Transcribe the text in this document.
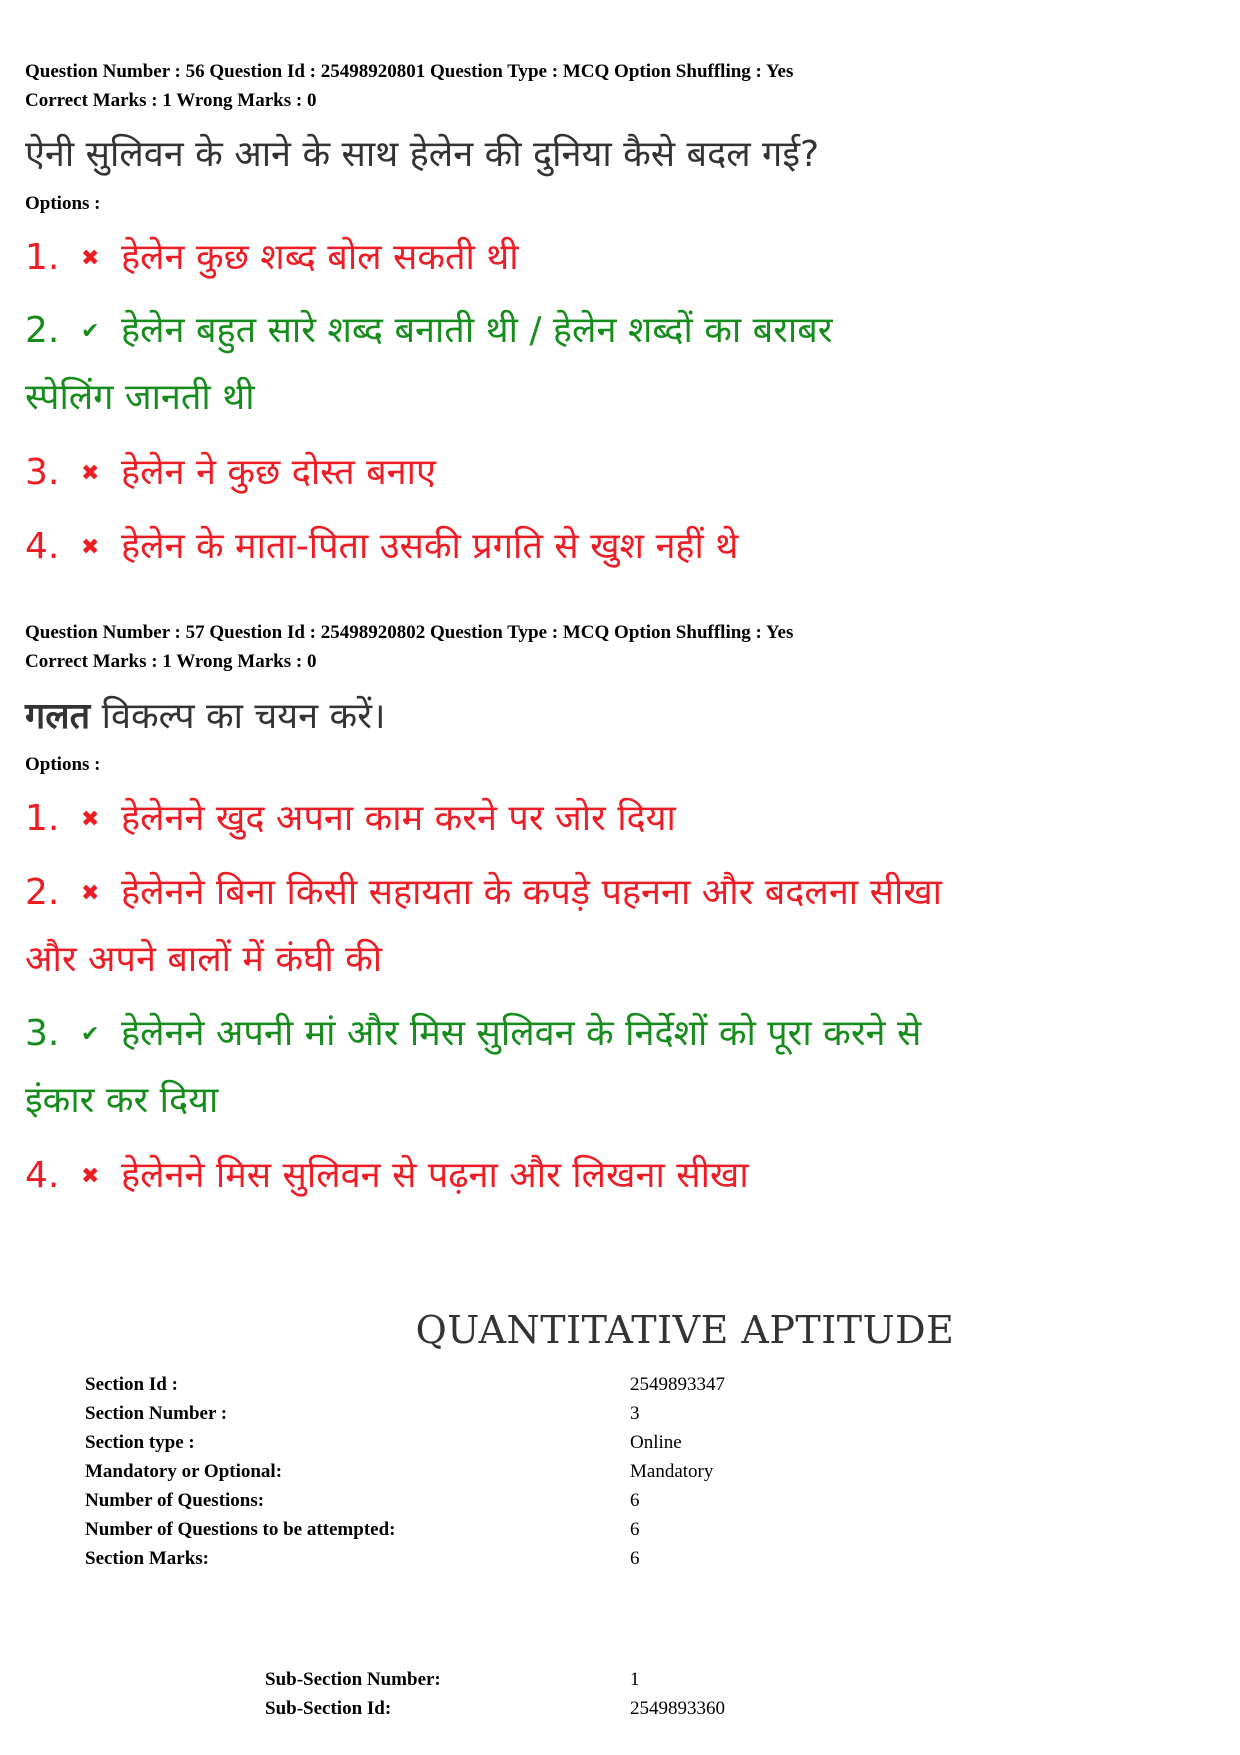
Question Number : 56 Question Id : 25498920801 Question Type : MCQ Option Shuffling : Yes
Correct Marks : 1 Wrong Marks : 0
ऐनी सुलिवन के आने के साथ हेलेन की दुनिया कैसे बदल गई?
Options :
1. ✖ हेलेन कुछ शब्द बोल सकती थी
2. ✔ हेलेन बहुत सारे शब्द बनाती थी / हेलेन शब्दों का बराबर
स्पेलिंग जानती थी
3. ✖ हेलेन ने कुछ दोस्त बनाए
4. ✖ हेलेन के माता-पिता उसकी प्रगति से खुश नहीं थे
Question Number : 57 Question Id : 25498920802 Question Type : MCQ Option Shuffling : Yes
Correct Marks : 1 Wrong Marks : 0
गलत विकल्प का चयन करें।
Options :
1. ✖ हेलेनने खुद अपना काम करने पर जोर दिया
2. ✖ हेलेनने बिना किसी सहायता के कपड़े पहनना और बदलना सीखा
और अपने बालों में कंघी की
3. ✔ हेलेनने अपनी मां और मिस सुलिवन के निर्देशों को पूरा करने से
इंकार कर दिया
4. ✖ हेलेनने मिस सुलिवन से पढ़ना और लिखना सीखा
QUANTITATIVE APTITUDE
Section Id :	2549893347
Section Number :	3
Section type :	Online
Mandatory or Optional:	Mandatory
Number of Questions:	6
Number of Questions to be attempted:	6
Section Marks:	6
Sub-Section Number:	1
Sub-Section Id:	2549893360
